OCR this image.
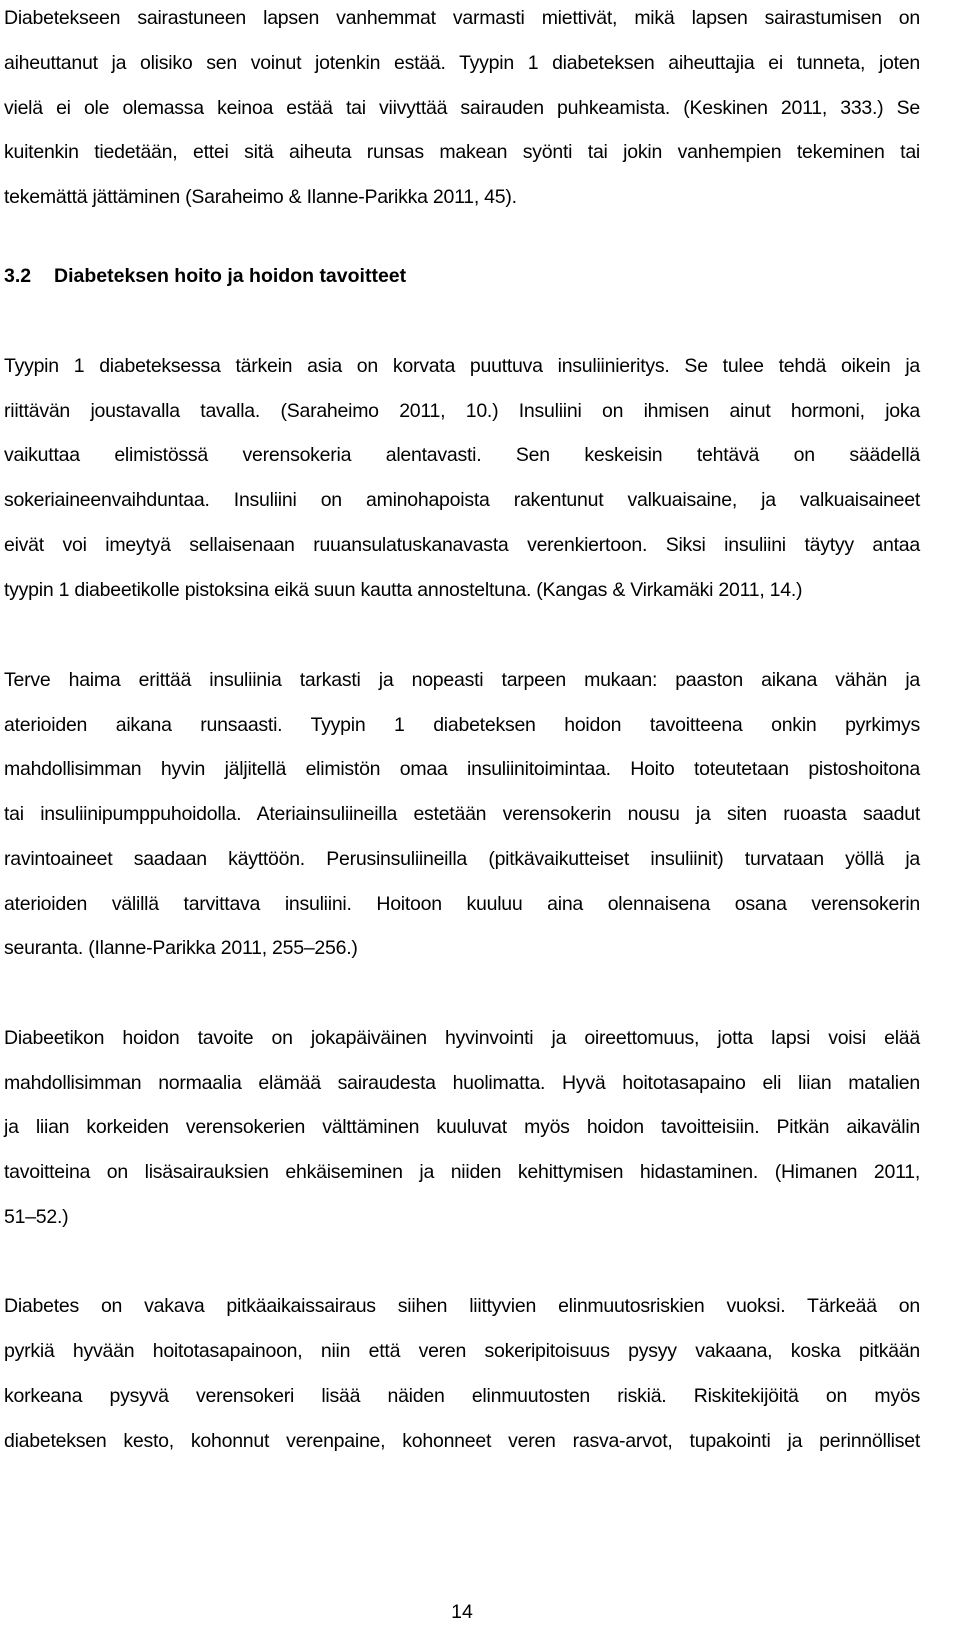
Diabetekseen sairastuneen lapsen vanhemmat varmasti miettivät, mikä lapsen sairastumisen on

aiheuttanut ja olisiko sen voinut jotenkin estää. Tyypin 1 diabeteksen aiheuttajia ei tunneta, joten

vielä ei ole olemassa keinoa estää tai viivyttää sairauden puhkeamista. (Keskinen 2011, 333.) Se

kuitenkin tiedetään, ettei sitä aiheuta runsas makean syönti tai jokin vanhempien tekeminen tai

tekemättä jättäminen (Saraheimo & Ilanne-Parikka 2011, 45).

3.2 Diabeteksen hoito ja hoidon tavoitteet

Tyypin 1 diabeteksessa tärkein asia on korvata puuttuva insuliinieritys. Se tulee tehdä oikein ja

riittävän joustavalla tavalla. (Saraheimo 2011, 10.) Insuliini on ihmisen ainut hormoni, joka

vaikuttaa elimistössä verensokeria alentavasti. Sen keskeisin tehtävä on säädellä

sokeriaineenvaihduntaa. Insuliini on aminohapoista rakentunut valkuaisaine, ja valkuaisaineet

eivät voi imeytyä sellaisenaan ruuansulatuskanavasta verenkiertoon. Siksi insuliini täytyy antaa

tyypin 1 diabeetikolle pistoksina eikä suun kautta annosteltuna. (Kangas & Virkamäki 2011, 14.)

Terve haima erittää insuliinia tarkasti ja nopeasti tarpeen mukaan: paaston aikana vähän ja

aterioiden aikana runsaasti. Tyypin 1 diabeteksen hoidon tavoitteena onkin pyrkimys

mahdollisimman hyvin jäljitellä elimistön omaa insuliinitoimintaa. Hoito toteutetaan pistoshoitona

tai insuliinipumppuhoidolla. Ateriainsuliineilla estetään verensokerin nousu ja siten ruoasta saadut

ravintoaineet saadaan käyttöön. Perusinsuliineilla (pitkävaikutteiset insuliinit) turvataan yöllä ja

aterioiden välillä tarvittava insuliini. Hoitoon kuuluu aina olennaisena osana verensokerin

seuranta. (Ilanne-Parikka 2011, 255–256.)

Diabeetikon hoidon tavoite on jokapäiväinen hyvinvointi ja oireettomuus, jotta lapsi voisi elää

mahdollisimman normaalia elämää sairaudesta huolimatta. Hyvä hoitotasapaino eli liian matalien

ja liian korkeiden verensokerien välttäminen kuuluvat myös hoidon tavoitteisiin. Pitkän aikavälin

tavoitteina on lisäsairauksien ehkäiseminen ja niiden kehittymisen hidastaminen. (Himanen 2011,

51–52.)

Diabetes on vakava pitkäaikaissairaus siihen liittyvien elinmuutosriskien vuoksi. Tärkeää on

pyrkiä hyvään hoitotasapainoon, niin että veren sokeripitoisuus pysyy vakaana, koska pitkään

korkeana pysyvä verensokeri lisää näiden elinmuutosten riskiä. Riskitekijöitä on myös

diabeteksen kesto, kohonnut verenpaine, kohonneet veren rasva-arvot, tupakointi ja perinnölliset

14
